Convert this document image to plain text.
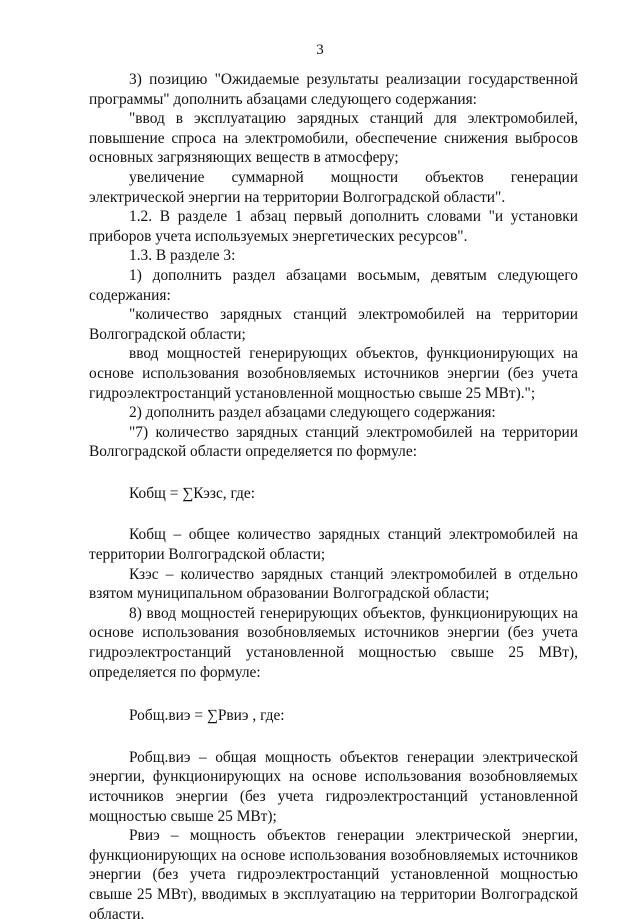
3

3) позицию "Ожидаемые результаты реализации государственной программы" дополнить абзацами следующего содержания:

"ввод в эксплуатацию зарядных станций для электромобилей, повышение спроса на электромобили, обеспечение снижения выбросов основных загрязняющих веществ в атмосферу;

увеличение суммарной мощности объектов генерации электрической энергии на территории Волгоградской области".

1.2. В разделе 1 абзац первый дополнить словами "и установки приборов учета используемых энергетических ресурсов".

1.3. В разделе 3:

1) дополнить раздел абзацами восьмым, девятым следующего содержания:

"количество зарядных станций электромобилей на территории Волгоградской области;

ввод мощностей генерирующих объектов, функционирующих на основе использования возобновляемых источников энергии (без учета гидроэлектростанций установленной мощностью свыше 25 МВт).";

2) дополнить раздел абзацами следующего содержания:

"7) количество зарядных станций электромобилей на территории Волгоградской области определяется по формуле:

Кобщ = ∑Кэзс, где:

Кобщ – общее количество зарядных станций электромобилей на территории Волгоградской области;

Кзэс – количество зарядных станций электромобилей в отдельно взятом муниципальном образовании Волгоградской области;

8) ввод мощностей генерирующих объектов, функционирующих на основе использования возобновляемых источников энергии (без учета гидроэлектростанций установленной мощностью свыше 25 МВт), определяется по формуле:

Робщ.виэ = ∑Рвиэ , где:

Робщ.виэ – общая мощность объектов генерации электрической энергии, функционирующих на основе использования возобновляемых источников энергии (без учета гидроэлектростанций установленной мощностью свыше 25 МВт);

Рвиэ – мощность объектов генерации электрической энергии, функционирующих на основе использования возобновляемых источников энергии (без учета гидроэлектростанций установленной мощностью свыше 25 МВт), вводимых в эксплуатацию на территории Волгоградской области.
